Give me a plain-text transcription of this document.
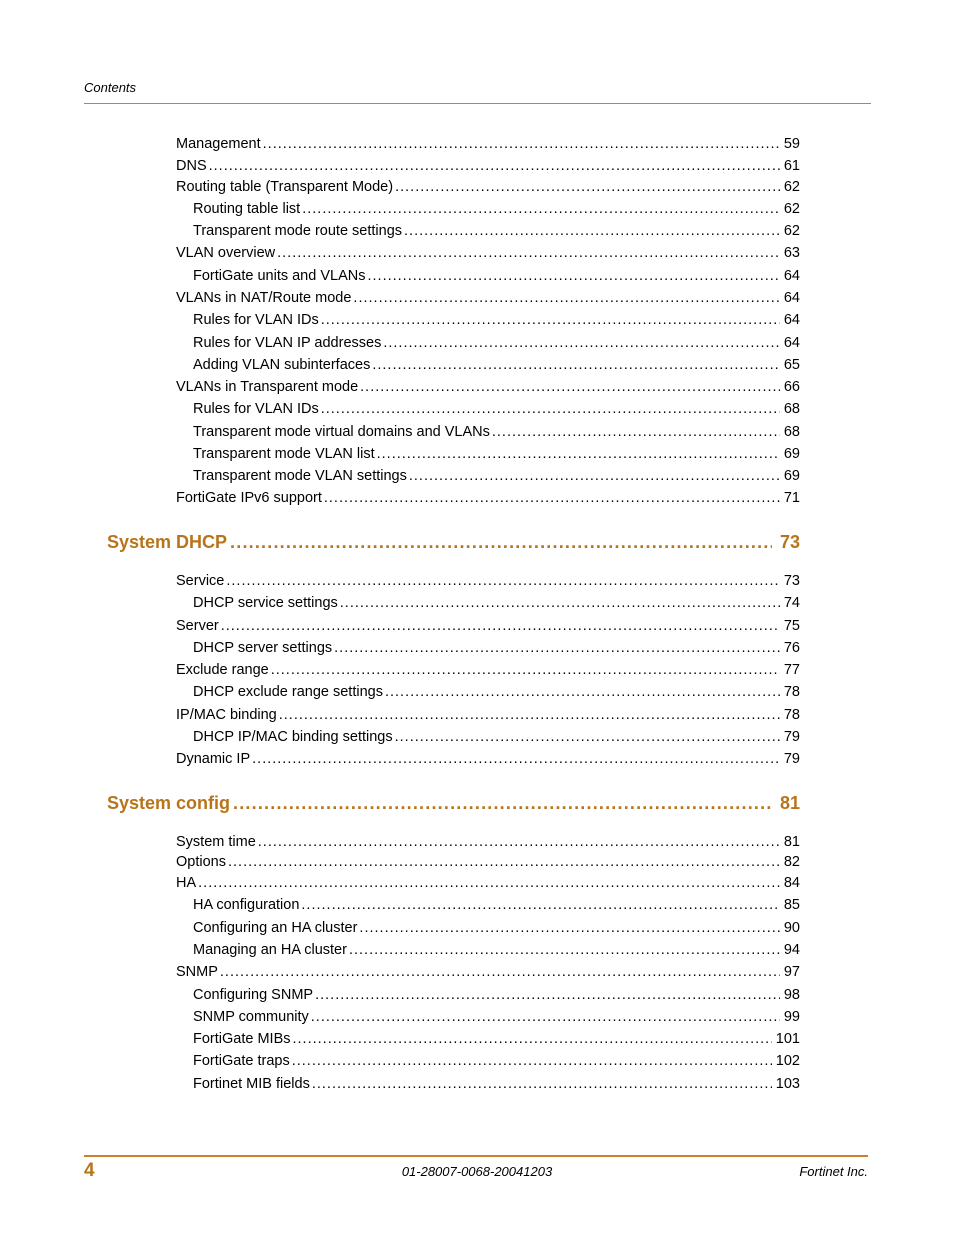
Contents
Management .....	59
DNS .....	61
Routing table (Transparent Mode) .....	62
Routing table list .....	62
Transparent mode route settings .....	62
VLAN overview .....	63
FortiGate units and VLANs .....	64
VLANs in NAT/Route mode .....	64
Rules for VLAN IDs .....	64
Rules for VLAN IP addresses .....	64
Adding VLAN subinterfaces .....	65
VLANs in Transparent mode .....	66
Rules for VLAN IDs .....	68
Transparent mode virtual domains and VLANs .....	68
Transparent mode VLAN list .....	69
Transparent mode VLAN settings .....	69
FortiGate IPv6 support .....	71
System DHCP .....	73
Service .....	73
DHCP service settings .....	74
Server .....	75
DHCP server settings .....	76
Exclude range .....	77
DHCP exclude range settings .....	78
IP/MAC binding .....	78
DHCP IP/MAC binding settings .....	79
Dynamic IP .....	79
System config .....	81
System time .....	81
Options .....	82
HA .....	84
HA configuration .....	85
Configuring an HA cluster .....	90
Managing an HA cluster .....	94
SNMP .....	97
Configuring SNMP .....	98
SNMP community .....	99
FortiGate MIBs .....	101
FortiGate traps .....	102
Fortinet MIB fields .....	103
4	01-28007-0068-20041203	Fortinet Inc.
